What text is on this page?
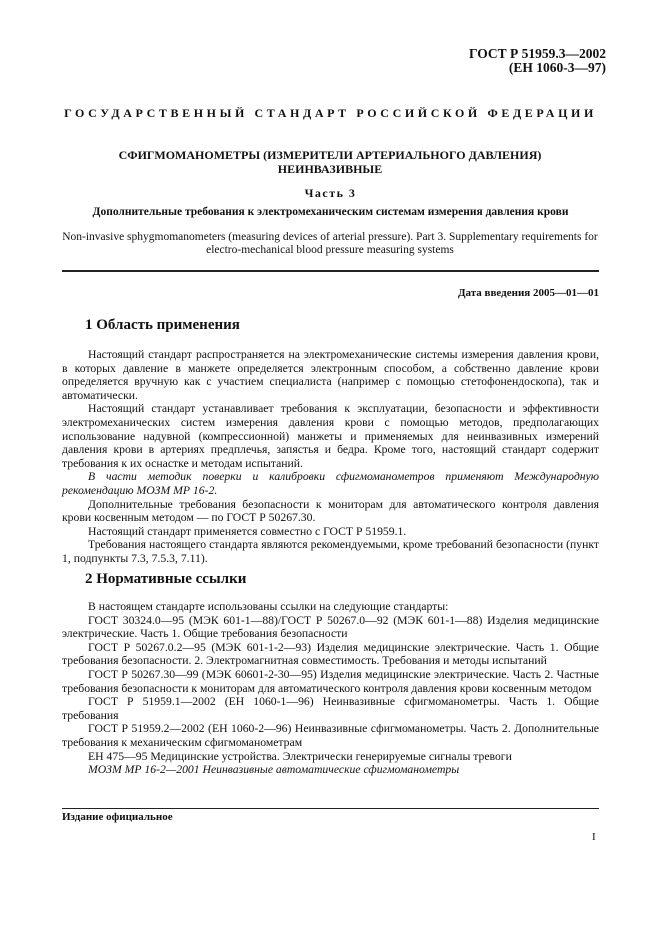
ГОСТ Р 51959.3—2002
(ЕН 1060-3—97)
ГОСУДАРСТВЕННЫЙ СТАНДАРТ РОССИЙСКОЙ ФЕДЕРАЦИИ
СФИГМОМАНОМЕТРЫ (ИЗМЕРИТЕЛИ АРТЕРИАЛЬНОГО ДАВЛЕНИЯ)
НЕИНВАЗИВНЫЕ
Часть 3
Дополнительные требования к электромеханическим системам измерения давления крови
Non-invasive sphygmomanometers (measuring devices of arterial pressure). Part 3. Supplementary requirements for
electro-mechanical blood pressure measuring systems
Дата введения 2005—01—01
1 Область применения

Настоящий стандарт распространяется на электромеханические системы измерения давления крови, в которых давление в манжете определяется электронным способом, а собственно давление крови определяется вручную как с участием специалиста (например с помощью стетофонендоскопа), так и автоматически.

Настоящий стандарт устанавливает требования к эксплуатации, безопасности и эффективности электромеханических систем измерения давления крови с помощью методов, предполагающих использование надувной (компрессионной) манжеты и применяемых для неинвазивных измерений давления крови в артериях предплечья, запястья и бедра. Кроме того, настоящий стандарт содержит требования к их оснастке и методам испытаний.

В части методик поверки и калибровки сфигмоманометров применяют Международную рекомендацию МОЗМ МР 16-2.

Дополнительные требования безопасности к мониторам для автоматического контроля давления крови косвенным методом — по ГОСТ Р 50267.30.

Настоящий стандарт применяется совместно с ГОСТ Р 51959.1.

Требования настоящего стандарта являются рекомендуемыми, кроме требований безопасности (пункт 1, подпункты 7.3, 7.5.3, 7.11).

2 Нормативные ссылки

В настоящем стандарте использованы ссылки на следующие стандарты:

ГОСТ 30324.0—95 (МЭК 601-1—88)/ГОСТ Р 50267.0—92 (МЭК 601-1—88) Изделия медицинские электрические. Часть 1. Общие требования безопасности

ГОСТ Р 50267.0.2—95 (МЭК 601-1-2—93) Изделия медицинские электрические. Часть 1. Общие требования безопасности. 2. Электромагнитная совместимость. Требования и методы испытаний

ГОСТ Р 50267.30—99 (МЭК 60601-2-30—95) Изделия медицинские электрические. Часть 2. Частные требования безопасности к мониторам для автоматического контроля давления крови косвенным методом

ГОСТ Р 51959.1—2002 (ЕН 1060-1—96) Неинвазивные сфигмоманометры. Часть 1. Общие требования

ГОСТ Р 51959.2—2002 (ЕН 1060-2—96) Неинвазивные сфигмоманометры. Часть 2. Дополнительные требования к механическим сфигмоманометрам

ЕН 475—95 Медицинские устройства. Электрически генерируемые сигналы тревоги

МОЗМ МР 16-2—2001 Неинвазивные автоматические сфигмоманометры

Издание официальное
I
